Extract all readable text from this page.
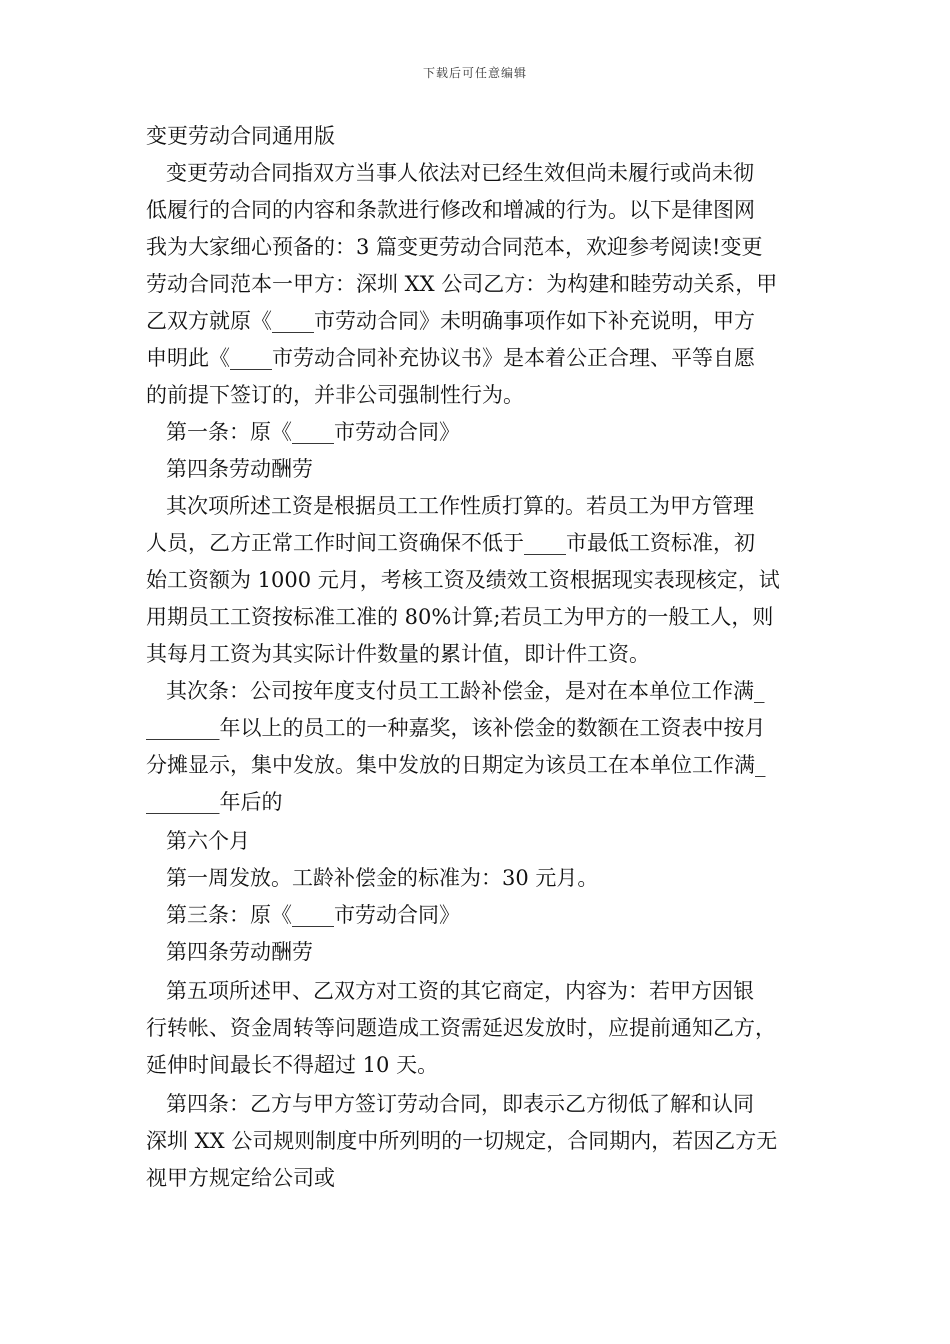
下载后可任意编辑
变更劳动合同通用版
变更劳动合同指双方当事人依法对已经生效但尚未履行或尚未彻
低履行的合同的内容和条款进行修改和增减的行为。以下是律图网
我为大家细心预备的：3 篇变更劳动合同范本，欢迎参考阅读!变更
劳动合同范本一甲方：深圳 XX 公司乙方：为构建和睦劳动关系，甲
乙双方就原《____市劳动合同》未明确事项作如下补充说明，甲方
申明此《____市劳动合同补充协议书》是本着公正合理、平等自愿
的前提下签订的，并非公司强制性行为。
第一条：原《____市劳动合同》
第四条劳动酬劳
其次项所述工资是根据员工工作性质打算的。若员工为甲方管理
人员，乙方正常工作时间工资确保不低于____市最低工资标准，初
始工资额为 1000 元月，考核工资及绩效工资根据现实表现核定，试
用期员工工资按标准工准的 80%计算;若员工为甲方的一般工人，则
其每月工资为其实际计件数量的累计值，即计件工资。
其次条：公司按年度支付员工工龄补偿金，是对在本单位工作满_
_______年以上的员工的一种嘉奖，该补偿金的数额在工资表中按月
分摊显示，集中发放。集中发放的日期定为该员工在本单位工作满_
_______年后的
第六个月
第一周发放。工龄补偿金的标准为：30 元月。
第三条：原《____市劳动合同》
第四条劳动酬劳
第五项所述甲、乙双方对工资的其它商定，内容为：若甲方因银
行转帐、资金周转等问题造成工资需延迟发放时，应提前通知乙方，
延伸时间最长不得超过 10 天。
第四条：乙方与甲方签订劳动合同，即表示乙方彻低了解和认同
深圳 XX 公司规则制度中所列明的一切规定，合同期内，若因乙方无
视甲方规定给公司或
